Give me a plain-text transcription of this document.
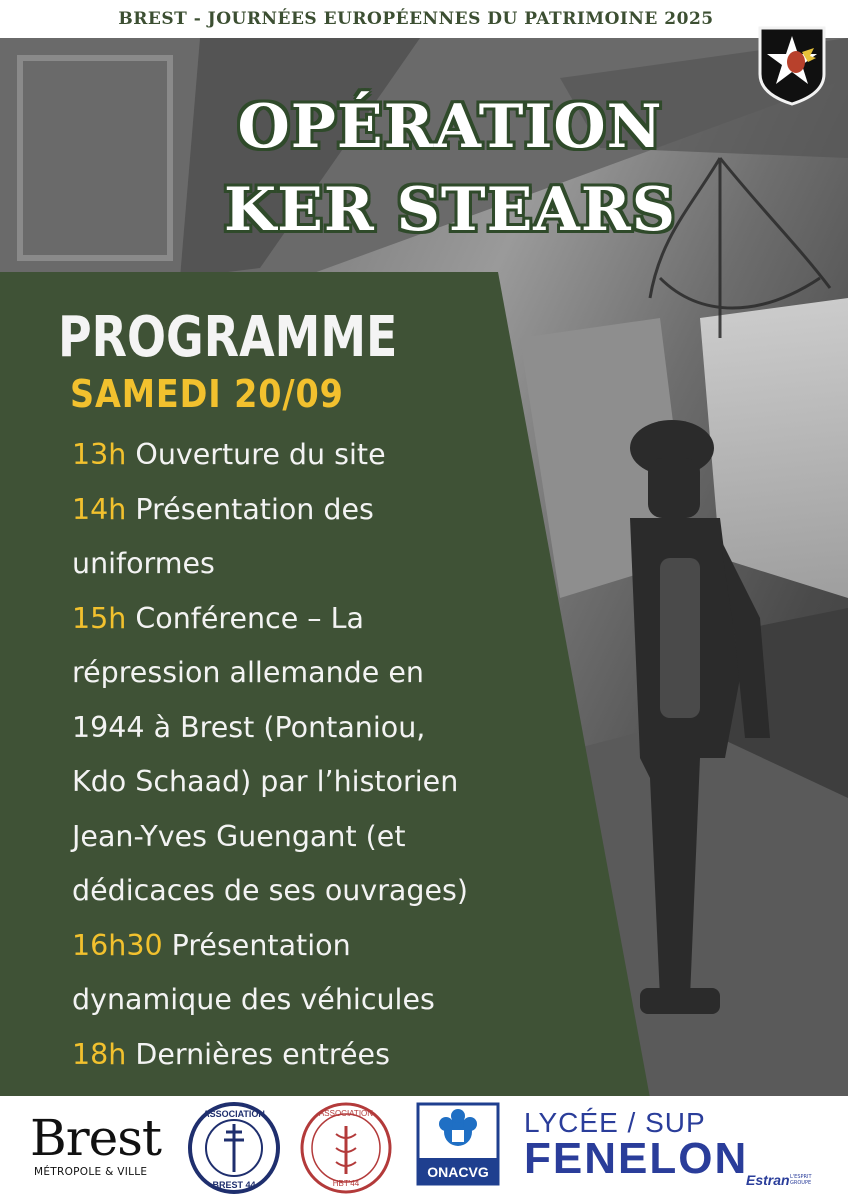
BREST - JOURNÉES EUROPÉENNES DU PATRIMOINE 2025
OPÉRATION
KER STEARS
PROGRAMME
SAMEDI 20/09
13h Ouverture du site
14h Présentation des
uniformes
15h Conférence – La
répression allemande en
1944 à Brest (Pontaniou,
Kdo Schaad) par l’historien
Jean-Yves Guengant (et
dédicaces de ses ouvrages)
16h30 Présentation
dynamique des véhicules
18h Dernières entrées
Brest
MÉTROPOLE & VILLE
ASSOCIATION
BREST 44
ASSOCIATION
HBT'44
ONACVG
LYCÉE / SUP
FENELON
Estran L'ESPRIT GROUPE
